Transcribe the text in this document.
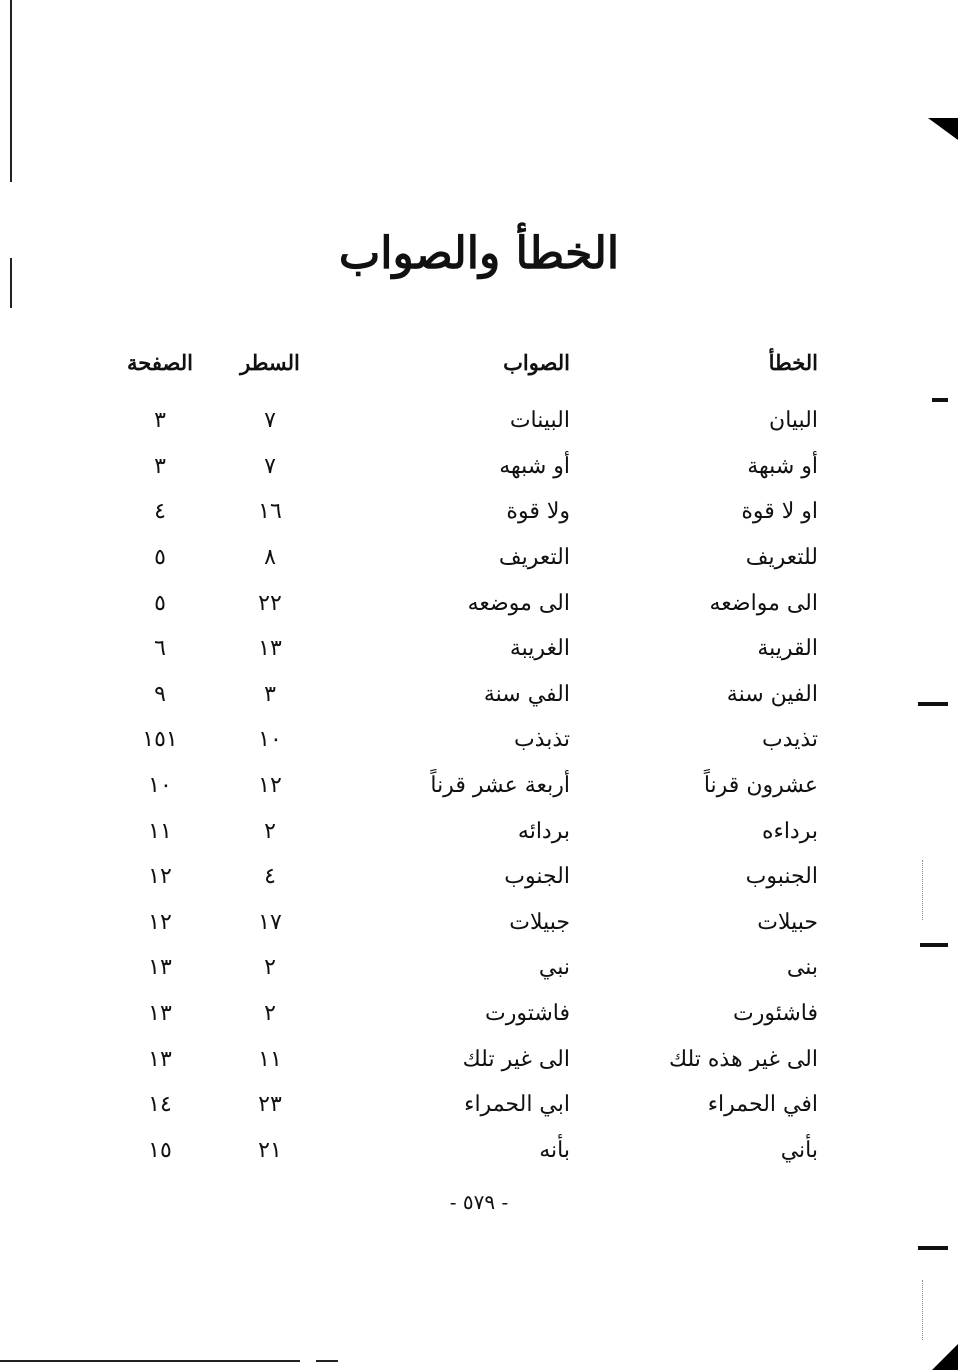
الخطأ والصواب
الخطأ
الصواب
السطر
الصفحة
البيان
البينات
٧
٣
أو شبهة
أو شبهه
٧
٣
او لا قوة
ولا قوة
١٦
٤
للتعريف
التعريف
٨
٥
الى مواضعه
الى موضعه
٢٢
٥
القريبة
الغريبة
١٣
٦
الفين سنة
الفي سنة
٣
٩
تذيدب
تذبذب
١٠
١٥١
عشرون قرناً
أربعة عشر قرناً
١٢
١٠
برداءه
بردائه
٢
١١
الجنبوب
الجنوب
٤
١٢
حبيلات
جبيلات
١٧
١٢
بنى
نبي
٢
١٣
فاشئورت
فاشتورت
٢
١٣
الى غير هذه تلك
الى غير تلك
١١
١٣
افي الحمراء
ابي الحمراء
٢٣
١٤
بأني
بأنه
٢١
١٥
- ٥٧٩ -
